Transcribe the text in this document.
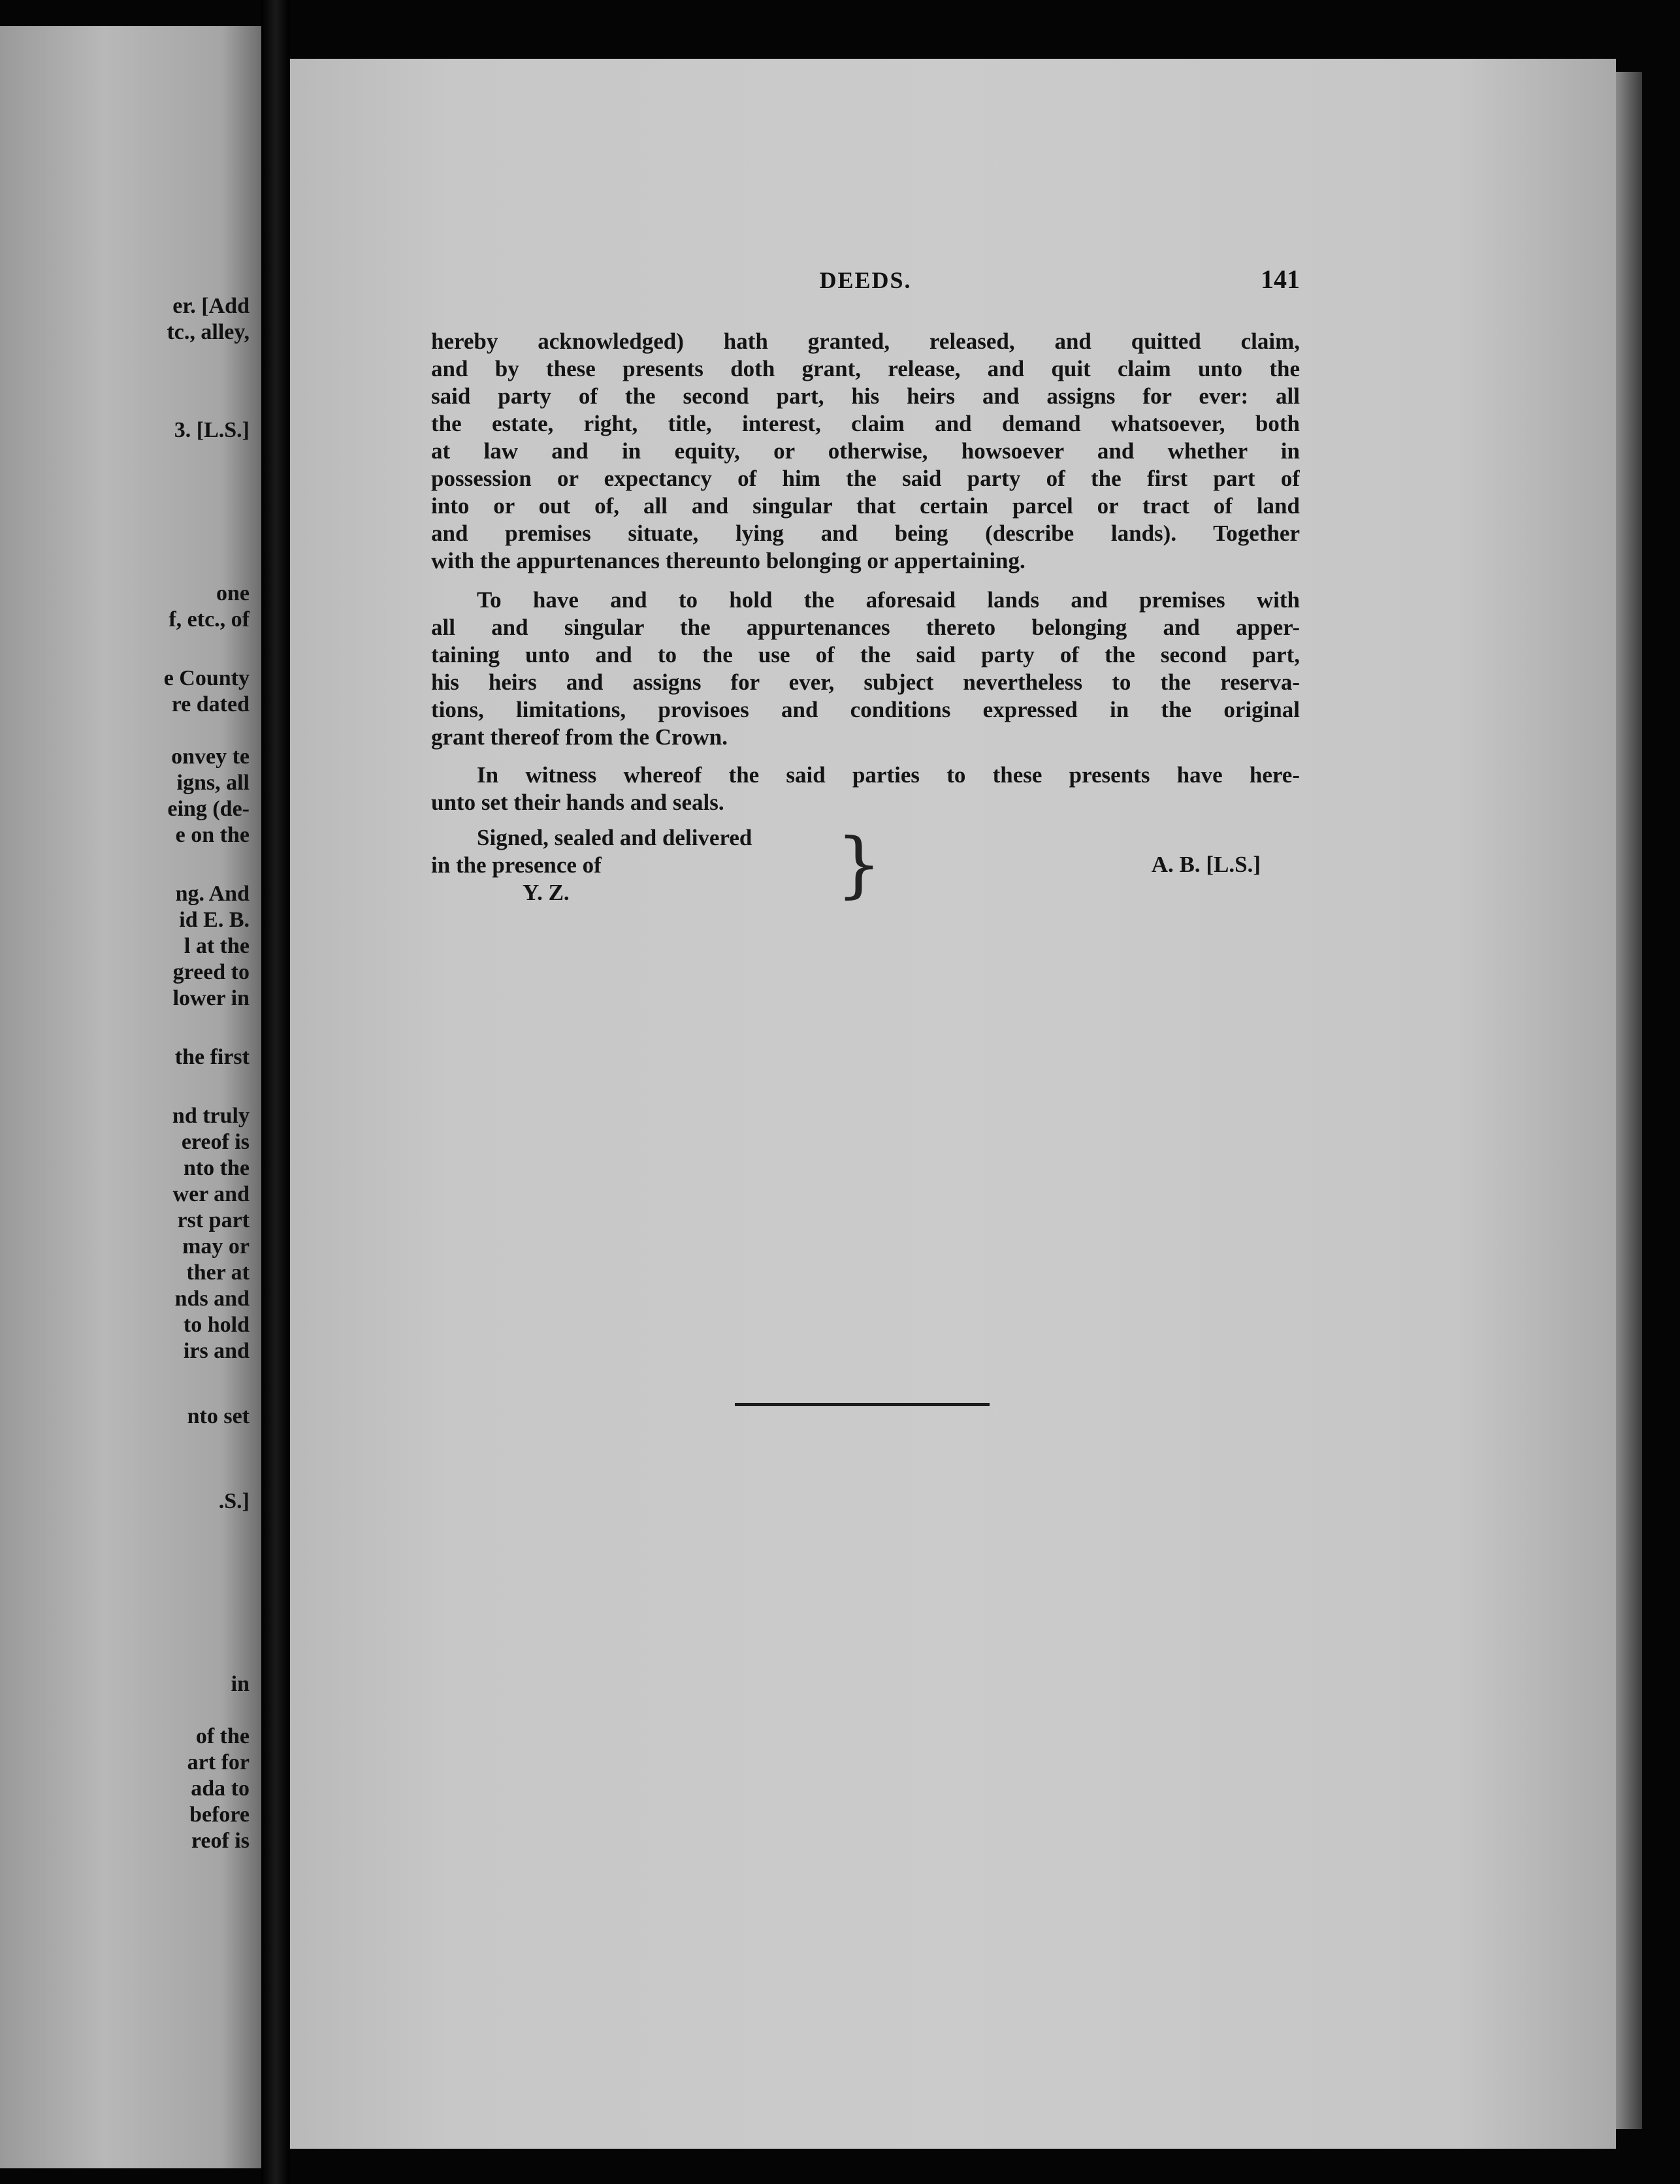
er. [Add
tc., alley,
3. [L.S.]
one
f, etc., of
e County
re dated
onvey te
igns, all
eing (de-
e on the
ng. And
id E. B.
l at the
greed to
lower in
the first
nd truly
ereof is
nto the
wer and
rst part
may or
ther at
nds and
to hold
irs and
nto set
.S.]
in
of the
art for
ada to
before
reof is
DEEDS.	141
hereby acknowledged) hath granted, released, and quitted claim,
and by these presents doth grant, release, and quit claim unto the
said party of the second part, his heirs and assigns for ever: all
the estate, right, title, interest, claim and demand whatsoever, both
at law and in equity, or otherwise, howsoever and whether in
possession or expectancy of him the said party of the first part of
into or out of, all and singular that certain parcel or tract of land
and premises situate, lying and being (describe lands). Together
with the appurtenances thereunto belonging or appertaining.
To have and to hold the aforesaid lands and premises with
all and singular the appurtenances thereto belonging and apper-
taining unto and to the use of the said party of the second part,
his heirs and assigns for ever, subject nevertheless to the reserva-
tions, limitations, provisoes and conditions expressed in the original
grant thereof from the Crown.
In witness whereof the said parties to these presents have here-
unto set their hands and seals.
Signed, sealed and delivered
in the presence of
Y. Z.	}	A. B. [L.S.]
